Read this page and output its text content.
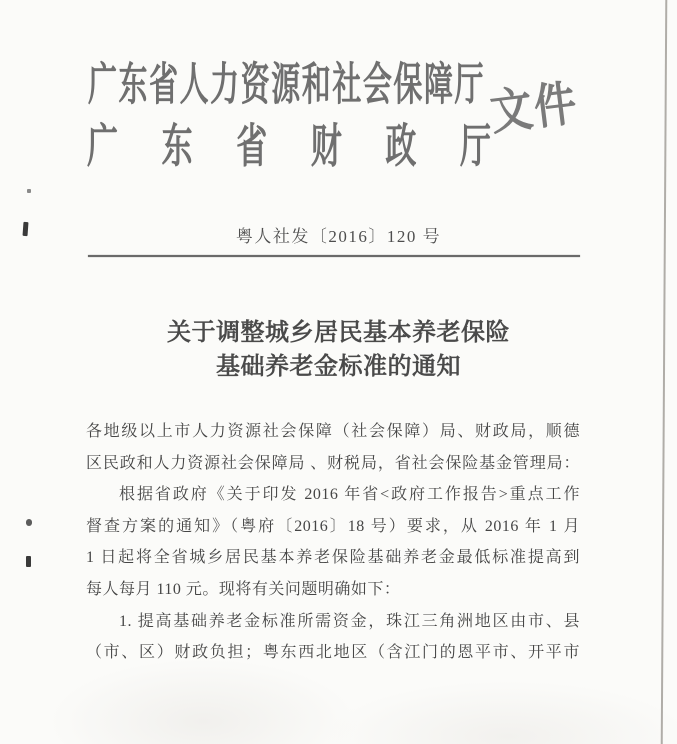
广东省人力资源和社会保障厅
广东省财政厅
文件
粤人社发〔2016〕120 号
关于调整城乡居民基本养老保险
基础养老金标准的通知
各地级以上市人力资源社会保障（社会保障）局、财政局，顺德
区民政和人力资源社会保障局 、财税局，省社会保险基金管理局：
根据省政府《关于印发 2016 年省<政府工作报告>重点工作
督查方案的通知》（粤府〔2016〕18 号）要求，从 2016 年 1 月
1 日起将全省城乡居民基本养老保险基础养老金最低标准提高到
每人每月 110 元。现将有关问题明确如下：
1. 提高基础养老金标准所需资金，珠江三角洲地区由市、县
（市、区）财政负担；粤东西北地区（含江门的恩平市、开平市
